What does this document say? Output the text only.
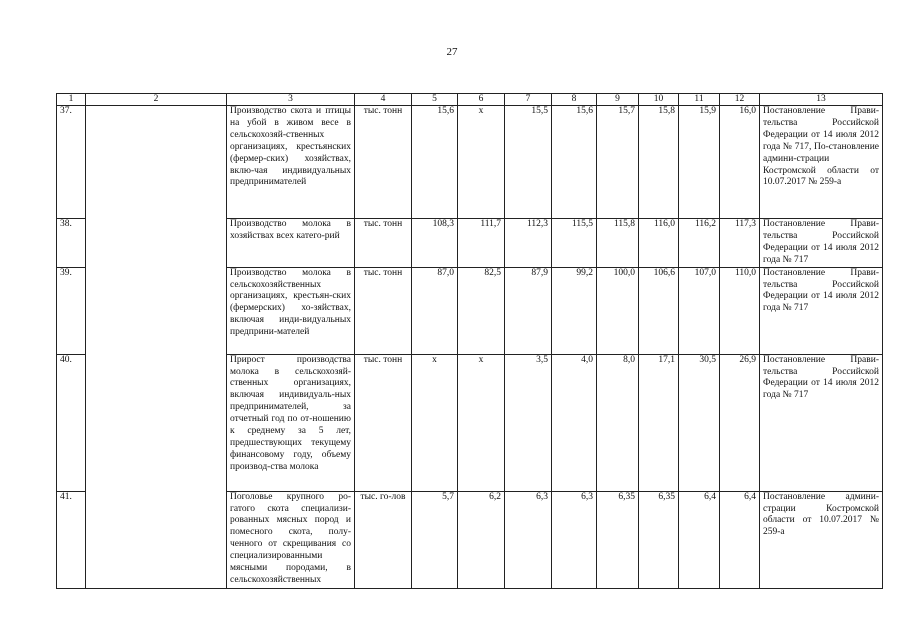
27
1	2	3	4	5	6	7	8	9	10	11	12	13
37.		Производство скота и птицы на убой в живом весе в сельскохозяй-ственных организациях, крестьянских (фермер-ских) хозяйствах, вклю-чая индивидуальных предпринимателей	тыс. тонн	15,6	х	15,5	15,6	15,7	15,8	15,9	16,0	Постановление Прави-тельства Российской Федерации от 14 июля 2012 года № 717, По-становление админи-страции Костромской области от 10.07.2017 № 259-а
38.		Производство молока в хозяйствах всех катего-рий	тыс. тонн	108,3	111,7	112,3	115,5	115,8	116,0	116,2	117,3	Постановление Прави-тельства Российской Федерации от 14 июля 2012 года № 717
39.		Производство молока в сельскохозяйственных организациях, крестьян-ских (фермерских) хо-зяйствах, включая инди-видуальных предприни-мателей	тыс. тонн	87,0	82,5	87,9	99,2	100,0	106,6	107,0	110,0	Постановление Прави-тельства Российской Федерации от 14 июля 2012 года № 717
40.		Прирост производства молока в сельскохозяй-ственных организациях, включая индивидуаль-ных предпринимателей, за отчетный год по от-ношению к среднему за 5 лет, предшествующих текущему финансовому году, объему производ-ства молока	тыс. тонн	х	х	3,5	4,0	8,0	17,1	30,5	26,9	Постановление Прави-тельства Российской Федерации от 14 июля 2012 года № 717
41.		Поголовье крупного ро-гатого скота специализи-рованных мясных пород и помесного скота, полу-ченного от скрещивания со специализированными мясными породами, в сельскохозяйственных	тыс. го-лов	5,7	6,2	6,3	6,3	6,35	6,35	6,4	6,4	Постановление админи-страции Костромской области от 10.07.2017 № 259-а
